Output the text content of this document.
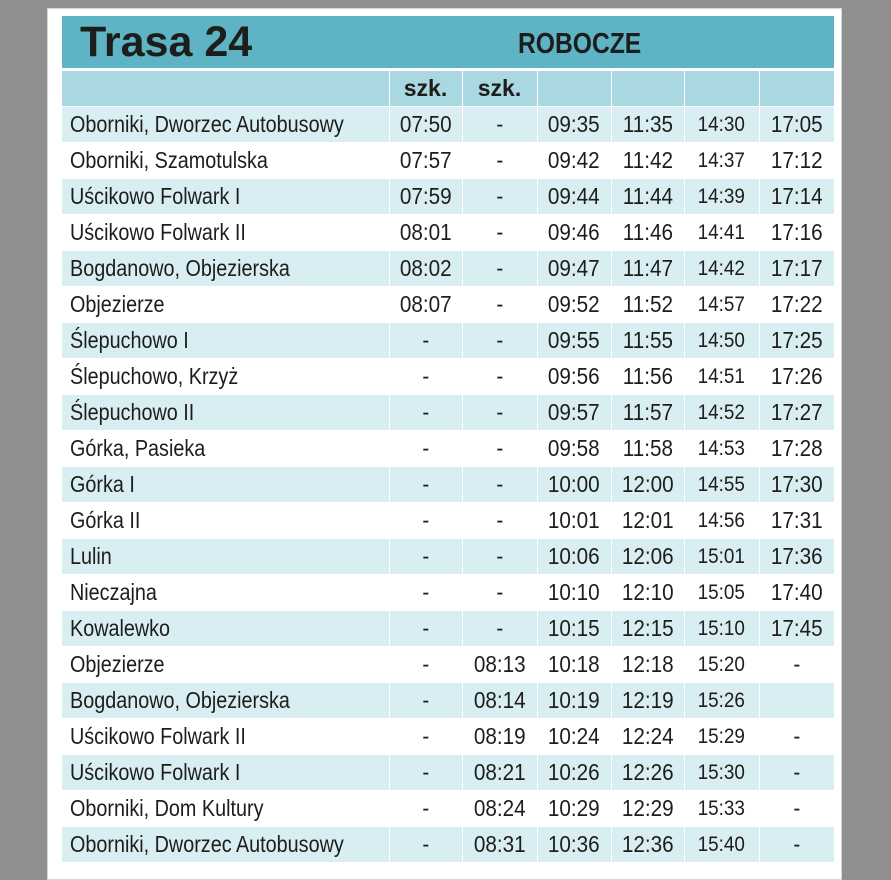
Trasa 24	ROBOCZE
	szk.	szk.				
Oborniki, Dworzec Autobusowy	07:50	-	09:35	11:35	14:30	17:05
Oborniki, Szamotulska	07:57	-	09:42	11:42	14:37	17:12
Uścikowo Folwark I	07:59	-	09:44	11:44	14:39	17:14
Uścikowo Folwark II	08:01	-	09:46	11:46	14:41	17:16
Bogdanowo, Objezierska	08:02	-	09:47	11:47	14:42	17:17
Objezierze	08:07	-	09:52	11:52	14:57	17:22
Ślepuchowo I	-	-	09:55	11:55	14:50	17:25
Ślepuchowo, Krzyż	-	-	09:56	11:56	14:51	17:26
Ślepuchowo II	-	-	09:57	11:57	14:52	17:27
Górka, Pasieka	-	-	09:58	11:58	14:53	17:28
Górka I	-	-	10:00	12:00	14:55	17:30
Górka II	-	-	10:01	12:01	14:56	17:31
Lulin	-	-	10:06	12:06	15:01	17:36
Nieczajna	-	-	10:10	12:10	15:05	17:40
Kowalewko	-	-	10:15	12:15	15:10	17:45
Objezierze	-	08:13	10:18	12:18	15:20	-
Bogdanowo, Objezierska	-	08:14	10:19	12:19	15:26	
Uścikowo Folwark II	-	08:19	10:24	12:24	15:29	-
Uścikowo Folwark I	-	08:21	10:26	12:26	15:30	-
Oborniki, Dom Kultury	-	08:24	10:29	12:29	15:33	-
Oborniki, Dworzec Autobusowy	-	08:31	10:36	12:36	15:40	-
